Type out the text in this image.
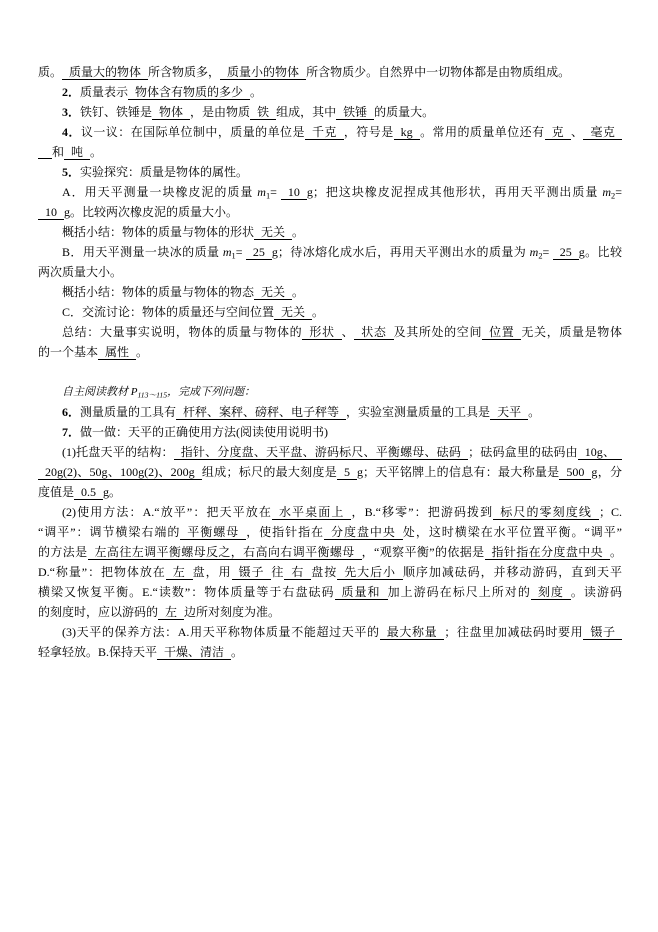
质。 质量大的物体 所含物质多， 质量小的物体 所含物质少。自然界中一切物体都是由物质组成。
2．质量表示 物体含有物质的多少 。
3．铁钉、铁锤是 物体 ，是由物质 铁 组成，其中 铁锤 的质量大。
4．议一议：在国际单位制中，质量的单位是 千克 ，符号是 kg 。常用的质量单位还有 克 、 毫克
和 吨 。
5．实验探究：质量是物体的属性。
A．用天平测量一块橡皮泥的质量 $m_1= 10$ g；把这块橡皮泥捏成其他形状，再用天平测出质量 $m_2=$
10 g。比较两次橡皮泥的质量大小。
概括小结：物体的质量与物体的形状 无关 。
B．用天平测量一块冰的质量 $m_1= 25$ g；待冰熔化成水后，再用天平测出水的质量为 $m_2= 25$ g。比较
两次质量大小。
概括小结：物体的质量与物体的物态 无关 。
C．交流讨论：物体的质量还与空间位置 无关 。
总结：大量事实说明，物体的质量与物体的 形状 、 状态 及其所处的空间 位置 无关，质量是物体
的一个基本 属性 。
自主阅读教材 $P_{113\sim 115}$，完成下列问题：
6．测量质量的工具有 杆秤、案秤、磅秤、电子秤等 ，实验室测量质量的工具是 天平 。
7．做一做：天平的正确使用方法(阅读使用说明书)
(1)托盘天平的结构： 指针、分度盘、天平盘、游码标尺、平衡螺母、砝码 ；砝码盒里的砝码由 10g、
20g(2)、50g、100g(2)、200g 组成；标尺的最大刻度是 5 g；天平铭牌上的信息有：最大称量是 500 g，分
度值是 0.5 g。
(2)使用方法：A.“放平”：把天平放在 水平桌面上 ，B.“移零”：把游码拨到 标尺的零刻度线 ；C.
“调平”：调节横梁右端的 平衡螺母 ，使指针指在 分度盘中央 处，这时横梁在水平位置平衡。“调平”
的方法是 左高往左调平衡螺母反之，右高向右调平衡螺母 ，“观察平衡”的依据是 指针指在分度盘中央 。
D.“称量”：把物体放在 左 盘，用 镊子 往 右 盘按 先大后小 顺序加减砝码，并移动游码，直到天平
横梁又恢复平衡。E.“读数”：物体质量等于右盘砝码 质量和 加上游码在标尺上所对的 刻度 。读游码
的刻度时，应以游码的 左 边所对刻度为准。
(3)天平的保养方法：A.用天平称物体质量不能超过天平的 最大称量 ；往盘里加减砝码时要用 镊子
轻拿轻放。B.保持天平 干燥、清洁 。
